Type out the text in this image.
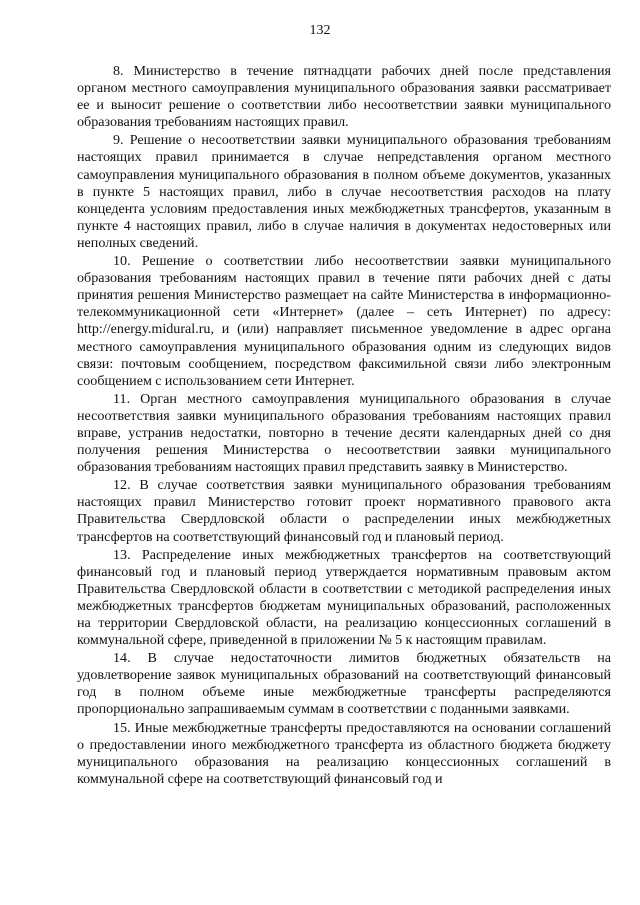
132

8. Министерство в течение пятнадцати рабочих дней после представления органом местного самоуправления муниципального образования заявки рассматривает ее и выносит решение о соответствии либо несоответствии заявки муниципального образования требованиям настоящих правил.

9. Решение о несоответствии заявки муниципального образования требованиям настоящих правил принимается в случае непредставления органом местного самоуправления муниципального образования в полном объеме документов, указанных в пункте 5 настоящих правил, либо в случае несоответствия расходов на плату концедента условиям предоставления иных межбюджетных трансфертов, указанным в пункте 4 настоящих правил, либо в случае наличия в документах недостоверных или неполных сведений.

10. Решение о соответствии либо несоответствии заявки муниципального образования требованиям настоящих правил в течение пяти рабочих дней с даты принятия решения Министерство размещает на сайте Министерства в информационно-телекоммуникационной сети «Интернет» (далее – сеть Интернет) по адресу: http://energy.midural.ru, и (или) направляет письменное уведомление в адрес органа местного самоуправления муниципального образования одним из следующих видов связи: почтовым сообщением, посредством факсимильной связи либо электронным сообщением с использованием сети Интернет.

11. Орган местного самоуправления муниципального образования в случае несоответствия заявки муниципального образования требованиям настоящих правил вправе, устранив недостатки, повторно в течение десяти календарных дней со дня получения решения Министерства о несоответствии заявки муниципального образования требованиям настоящих правил представить заявку в Министерство.

12. В случае соответствия заявки муниципального образования требованиям настоящих правил Министерство готовит проект нормативного правового акта Правительства Свердловской области о распределении иных межбюджетных трансфертов на соответствующий финансовый год и плановый период.

13. Распределение иных межбюджетных трансфертов на соответствующий финансовый год и плановый период утверждается нормативным правовым актом Правительства Свердловской области в соответствии с методикой распределения иных межбюджетных трансфертов бюджетам муниципальных образований, расположенных на территории Свердловской области, на реализацию концессионных соглашений в коммунальной сфере, приведенной в приложении № 5 к настоящим правилам.

14. В случае недостаточности лимитов бюджетных обязательств на удовлетворение заявок муниципальных образований на соответствующий финансовый год в полном объеме иные межбюджетные трансферты распределяются пропорционально запрашиваемым суммам в соответствии с поданными заявками.

15. Иные межбюджетные трансферты предоставляются на основании соглашений о предоставлении иного межбюджетного трансферта из областного бюджета бюджету муниципального образования на реализацию концессионных соглашений в коммунальной сфере на соответствующий финансовый год и
